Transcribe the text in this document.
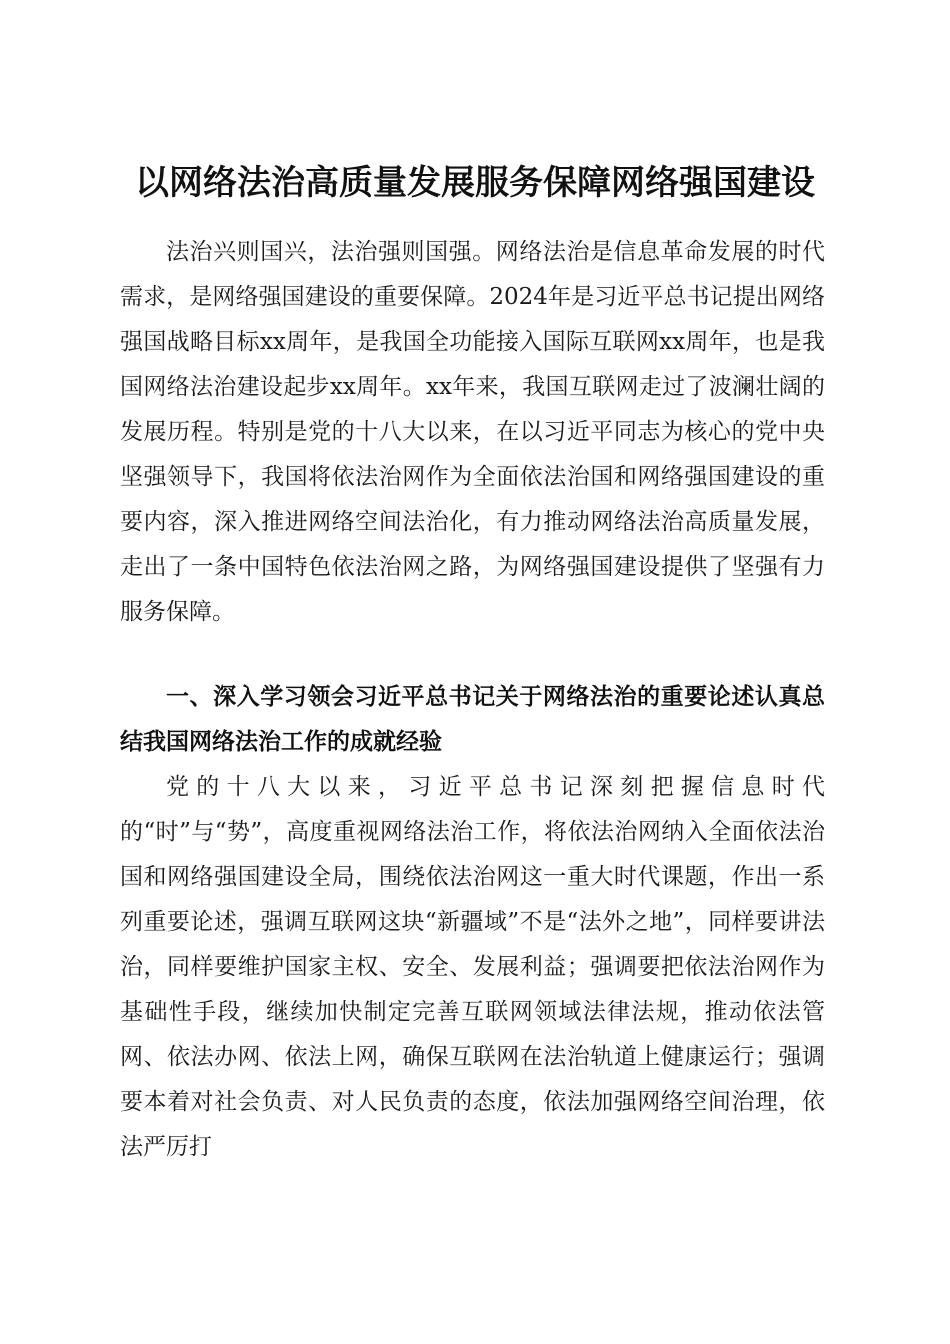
以网络法治高质量发展服务保障网络强国建设

法治兴则国兴，法治强则国强。网络法治是信息革命发展的时代需求，是网络强国建设的重要保障。2024年是习近平总书记提出网络强国战略目标xx周年，是我国全功能接入国际互联网xx周年，也是我国网络法治建设起步xx周年。xx年来，我国互联网走过了波澜壮阔的发展历程。特别是党的十八大以来，在以习近平同志为核心的党中央坚强领导下，我国将依法治网作为全面依法治国和网络强国建设的重要内容，深入推进网络空间法治化，有力推动网络法治高质量发展，走出了一条中国特色依法治网之路，为网络强国建设提供了坚强有力服务保障。

一、深入学习领会习近平总书记关于网络法治的重要论述认真总结我国网络法治工作的成就经验

党的十八大以来，习近平总书记深刻把握信息时代的“时”与“势”，高度重视网络法治工作，将依法治网纳入全面依法治国和网络强国建设全局，围绕依法治网这一重大时代课题，作出一系列重要论述，强调互联网这块“新疆域”不是“法外之地”，同样要讲法治，同样要维护国家主权、安全、发展利益；强调要把依法治网作为基础性手段，继续加快制定完善互联网领域法律法规，推动依法管网、依法办网、依法上网，确保互联网在法治轨道上健康运行；强调要本着对社会负责、对人民负责的态度，依法加强网络空间治理，依法严厉打
